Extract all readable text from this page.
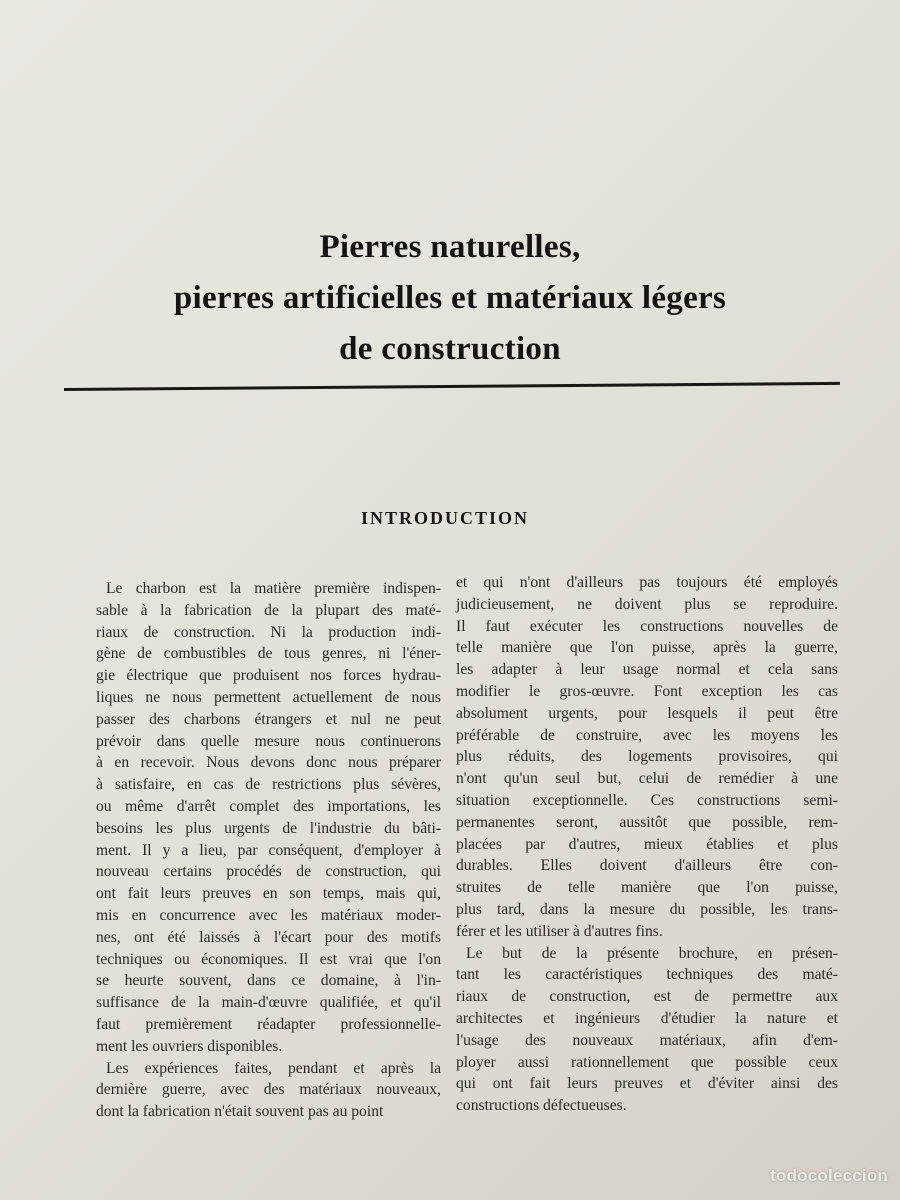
Pierres naturelles,
pierres artificielles et matériaux légers
de construction
INTRODUCTION
Le charbon est la matière première indispen-
sable à la fabrication de la plupart des maté-
riaux de construction. Ni la production indi-
gène de combustibles de tous genres, ni l'éner-
gie électrique que produisent nos forces hydrau-
liques ne nous permettent actuellement de nous
passer des charbons étrangers et nul ne peut
prévoir dans quelle mesure nous continuerons
à en recevoir. Nous devons donc nous préparer
à satisfaire, en cas de restrictions plus sévères,
ou même d'arrêt complet des importations, les
besoins les plus urgents de l'industrie du bâti-
ment. Il y a lieu, par conséquent, d'employer à
nouveau certains procédés de construction, qui
ont fait leurs preuves en son temps, mais qui,
mis en concurrence avec les matériaux moder-
nes, ont été laissés à l'écart pour des motifs
techniques ou économiques. Il est vrai que l'on
se heurte souvent, dans ce domaine, à l'in-
suffisance de la main-d'œuvre qualifiée, et qu'il
faut premièrement réadapter professionnelle-
ment les ouvriers disponibles.
Les expériences faites, pendant et après la
dernière guerre, avec des matériaux nouveaux,
dont la fabrication n'était souvent pas au point
et qui n'ont d'ailleurs pas toujours été employés
judicieusement, ne doivent plus se reproduire.
Il faut exécuter les constructions nouvelles de
telle manière que l'on puisse, après la guerre,
les adapter à leur usage normal et cela sans
modifier le gros-œuvre. Font exception les cas
absolument urgents, pour lesquels il peut être
préférable de construire, avec les moyens les
plus réduits, des logements provisoires, qui
n'ont qu'un seul but, celui de remédier à une
situation exceptionnelle. Ces constructions semi-
permanentes seront, aussitôt que possible, rem-
placées par d'autres, mieux établies et plus
durables. Elles doivent d'ailleurs être con-
struites de telle manière que l'on puisse,
plus tard, dans la mesure du possible, les trans-
férer et les utiliser à d'autres fins.
Le but de la présente brochure, en présen-
tant les caractéristiques techniques des maté-
riaux de construction, est de permettre aux
architectes et ingénieurs d'étudier la nature et
l'usage des nouveaux matériaux, afin d'em-
ployer aussi rationnellement que possible ceux
qui ont fait leurs preuves et d'éviter ainsi des
constructions défectueuses.
todocoleccion
